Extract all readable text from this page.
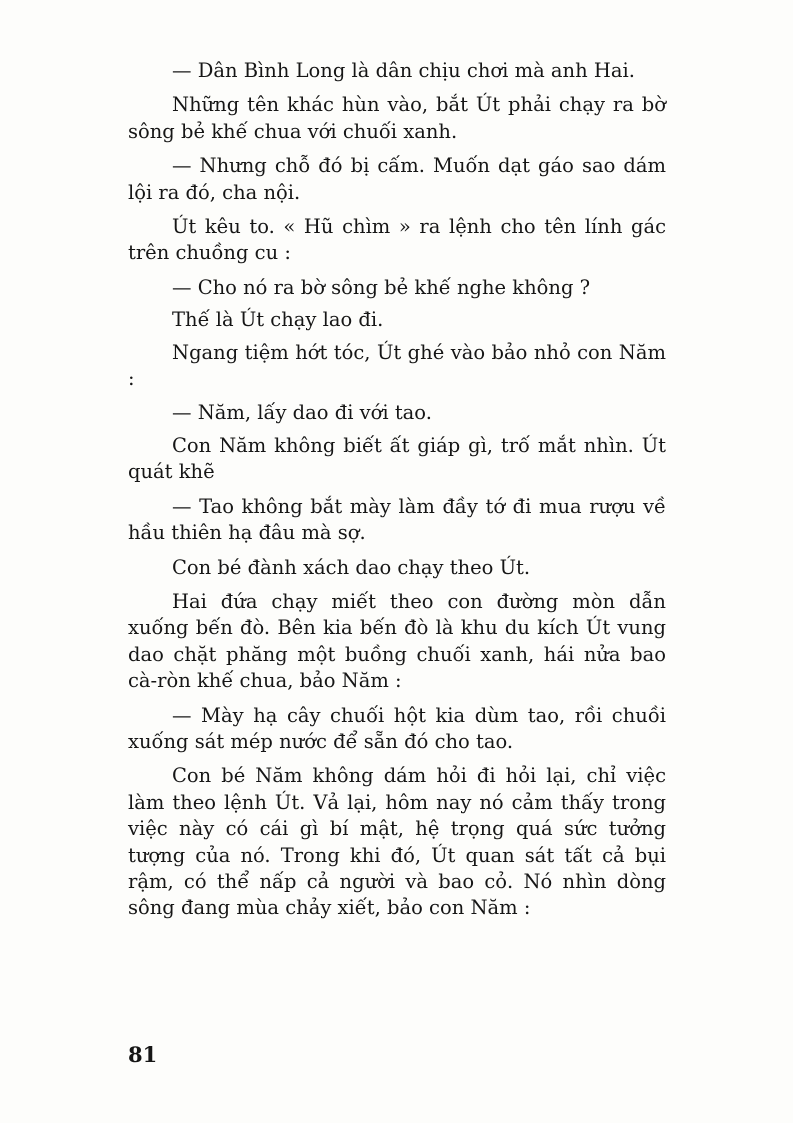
— Dân Bình Long là dân chịu chơi mà anh Hai.

Những tên khác hùn vào, bắt Út phải chạy ra bờ sông bẻ khế chua với chuối xanh.

— Nhưng chỗ đó bị cấm. Muốn dạt gáo sao dám lội ra đó, cha nội.

Út kêu to. « Hũ chìm » ra lệnh cho tên lính gác trên chuồng cu :

— Cho nó ra bờ sông bẻ khế nghe không ?

Thế là Út chạy lao đi.

Ngang tiệm hớt tóc, Út ghé vào bảo nhỏ con Năm :

— Năm, lấy dao đi với tao.

Con Năm không biết ất giáp gì, trố mắt nhìn. Út quát khẽ

— Tao không bắt mày làm đầy tớ đi mua rượu về hầu thiên hạ đâu mà sợ.

Con bé đành xách dao chạy theo Út.

Hai đứa chạy miết theo con đường mòn dẫn xuống bến đò. Bên kia bến đò là khu du kích Út vung dao chặt phăng một buồng chuối xanh, hái nửa bao cà-ròn khế chua, bảo Năm :

— Mày hạ cây chuối hột kia dùm tao, rồi chuồi xuống sát mép nước để sẵn đó cho tao.

Con bé Năm không dám hỏi đi hỏi lại, chỉ việc làm theo lệnh Út. Vả lại, hôm nay nó cảm thấy trong việc này có cái gì bí mật, hệ trọng quá sức tưởng tượng của nó. Trong khi đó, Út quan sát tất cả bụi rậm, có thể nấp cả người và bao cỏ. Nó nhìn dòng sông đang mùa chảy xiết, bảo con Năm :

81
